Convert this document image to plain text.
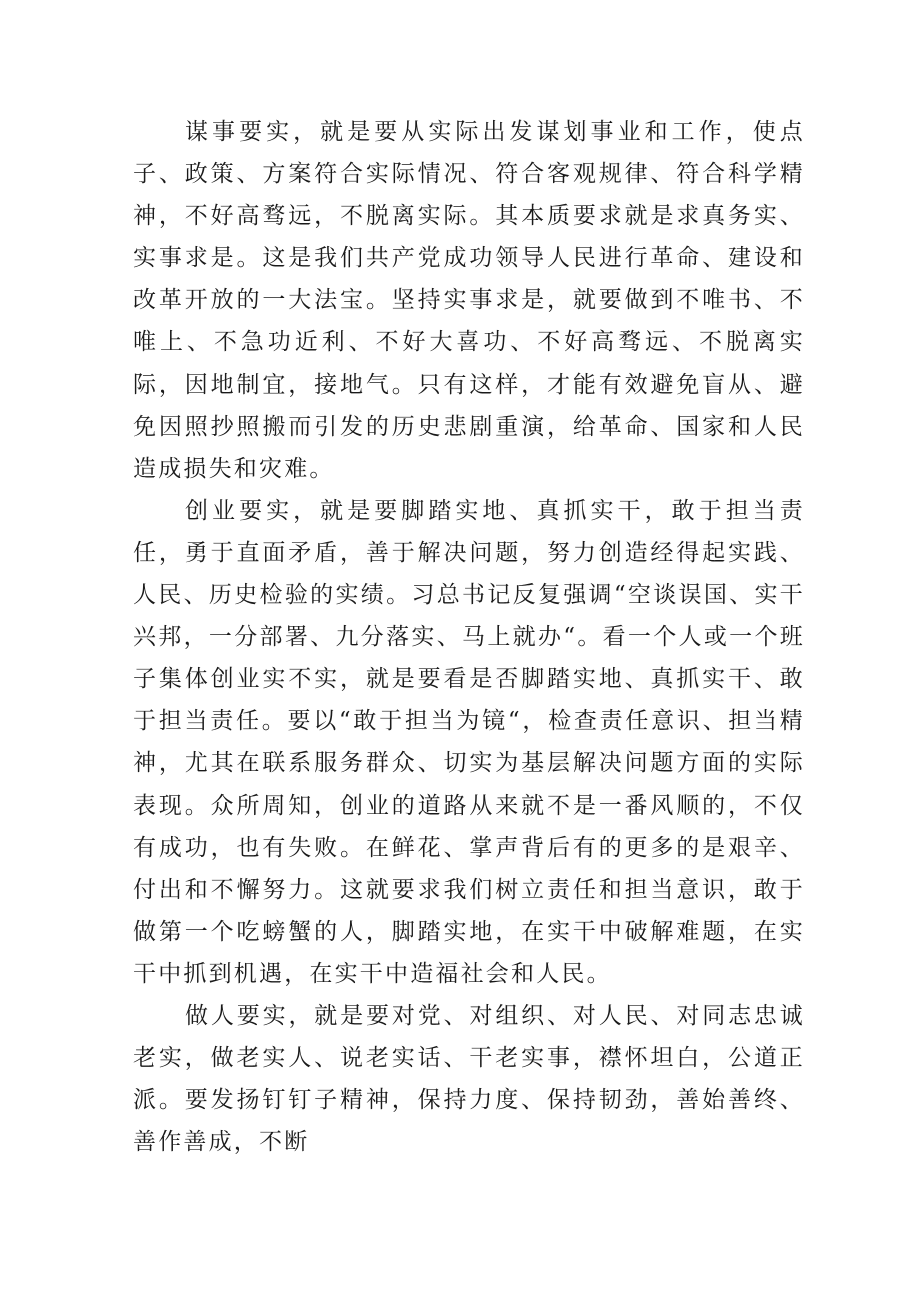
谋事要实，就是要从实际出发谋划事业和工作，使点子、政策、方案符合实际情况、符合客观规律、符合科学精神，不好高骛远，不脱离实际。其本质要求就是求真务实、实事求是。这是我们共产党成功领导人民进行革命、建设和改革开放的一大法宝。坚持实事求是，就要做到不唯书、不唯上、不急功近利、不好大喜功、不好高骛远、不脱离实际，因地制宜，接地气。只有这样，才能有效避免盲从、避免因照抄照搬而引发的历史悲剧重演，给革命、国家和人民造成损失和灾难。

创业要实，就是要脚踏实地、真抓实干，敢于担当责任，勇于直面矛盾，善于解决问题，努力创造经得起实践、人民、历史检验的实绩。习总书记反复强调“空谈误国、实干兴邦，一分部署、九分落实、马上就办“。看一个人或一个班子集体创业实不实，就是要看是否脚踏实地、真抓实干、敢于担当责任。要以“敢于担当为镜“，检查责任意识、担当精神，尤其在联系服务群众、切实为基层解决问题方面的实际表现。众所周知，创业的道路从来就不是一番风顺的，不仅有成功，也有失败。在鲜花、掌声背后有的更多的是艰辛、付出和不懈努力。这就要求我们树立责任和担当意识，敢于做第一个吃螃蟹的人，脚踏实地，在实干中破解难题，在实干中抓到机遇，在实干中造福社会和人民。

做人要实，就是要对党、对组织、对人民、对同志忠诚老实，做老实人、说老实话、干老实事，襟怀坦白，公道正派。要发扬钉钉子精神，保持力度、保持韧劲，善始善终、善作善成，不断
